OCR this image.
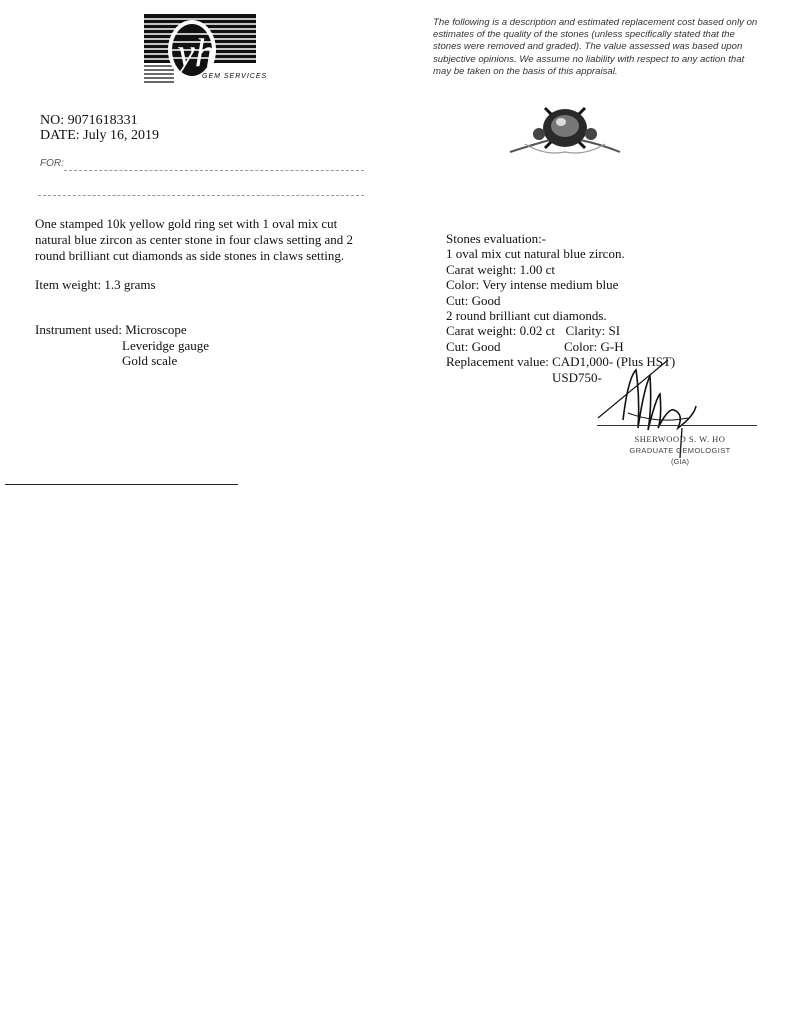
yh
GEM SERVICES
The following is a description and estimated replacement cost based only on estimates of the quality of the stones (unless specifically stated that the stones were removed and graded). The value assessed was based upon subjective opinions. We assume no liability with respect to any action that may be taken on the basis of this appraisal.
NO: 9071618331
DATE: July 16, 2019
FOR:
One stamped 10k yellow gold ring set with 1 oval mix cut natural blue zircon as center stone in four claws setting and 2 round brilliant cut diamonds as side stones in claws setting.
Item weight: 1.3 grams
Instrument used: Microscope
Leveridge gauge
Gold scale
Stones evaluation:-
1 oval mix cut natural blue zircon.
Carat weight: 1.00 ct
Color: Very intense medium blue
Cut: Good
2 round brilliant cut diamonds.
Carat weight: 0.02 ct Clarity: SI
Cut: Good	Color: G-H
Replacement value: CAD1,000- (Plus HST)
USD750-
SHERWOOD S. W. HO
GRADUATE GEMOLOGIST
(GIA)
